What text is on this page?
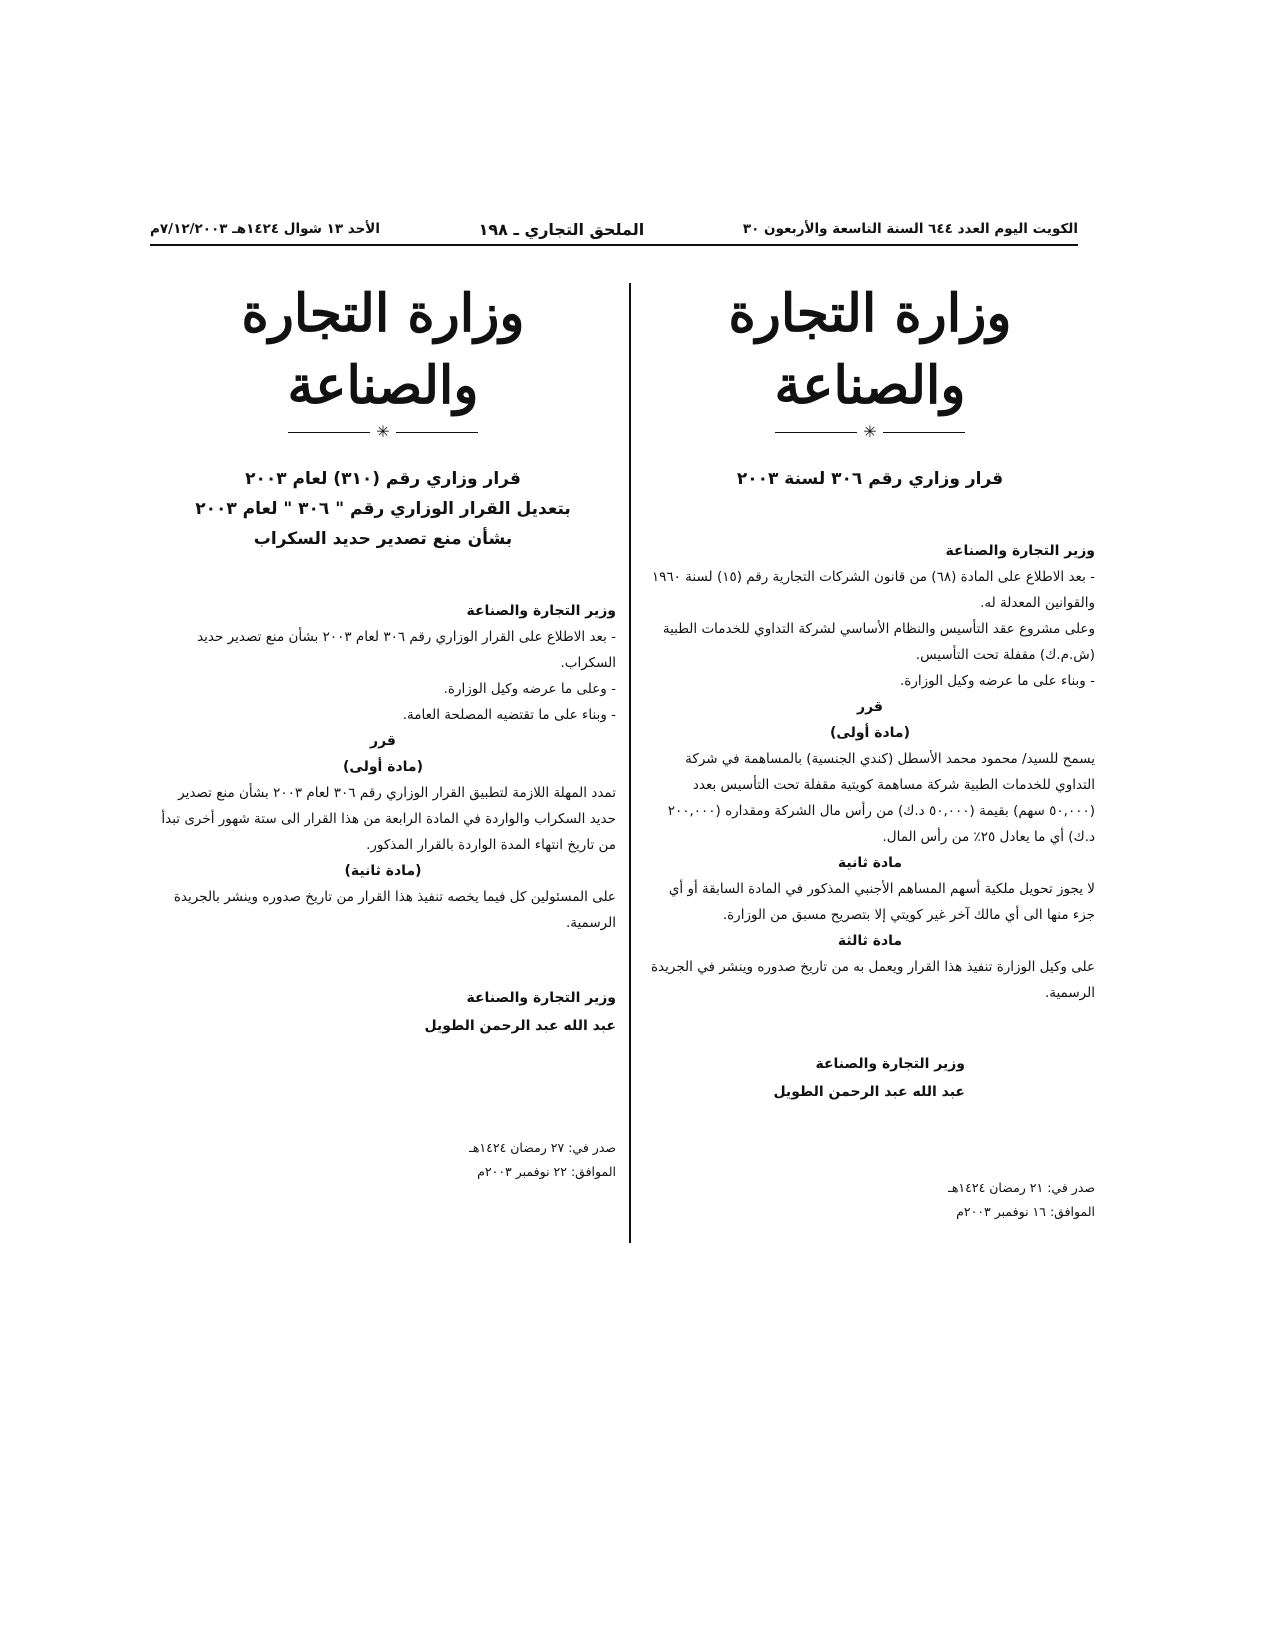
الكويت اليوم العدد ٦٤٤ السنة التاسعة والأربعون ٣٠
الملحق التجاري ـ ١٩٨
الأحد ١٣ شوال ١٤٢٤هـ ٧/١٢/٢٠٠٣م
وزارة التجارة والصناعة
✳
قرار وزاري رقم ٣٠٦ لسنة ٢٠٠٣
وزير التجارة والصناعة

- بعد الاطلاع على المادة (٦٨) من قانون الشركات التجارية رقم (١٥) لسنة ١٩٦٠ والقوانين المعدلة له.

وعلى مشروع عقد التأسيس والنظام الأساسي لشركة التداوي للخدمات الطبية (ش.م.ك) مقفلة تحت التأسيس.

- وبناء على ما عرضه وكيل الوزارة.

قرر
(مادة أولى)

يسمح للسيد/ محمود محمد الأسطل (كندي الجنسية) بالمساهمة في شركة التداوي للخدمات الطبية شركة مساهمة كويتية مقفلة تحت التأسيس بعدد (٥٠,٠٠٠ سهم) بقيمة (٥٠,٠٠٠ د.ك) من رأس مال الشركة ومقداره (٢٠٠,٠٠٠ د.ك) أي ما يعادل ٢٥٪ من رأس المال.

مادة ثانية

لا يجوز تحويل ملكية أسهم المساهم الأجنبي المذكور في المادة السابقة أو أي جزء منها الى أي مالك آخر غير كويتي إلا بتصريح مسبق من الوزارة.

مادة ثالثة

على وكيل الوزارة تنفيذ هذا القرار ويعمل به من تاريخ صدوره وينشر في الجريدة الرسمية.

وزير التجارة والصناعة
عبد الله عبد الرحمن الطويل
صدر في: ٢١ رمضان ١٤٢٤هـ
الموافق: ١٦ نوفمبر ٢٠٠٣م
وزارة التجارة والصناعة
✳
قرار وزاري رقم (٣١٠) لعام ٢٠٠٣
بتعديل القرار الوزاري رقم " ٣٠٦ " لعام ٢٠٠٣
بشأن منع تصدير حديد السكراب
وزير التجارة والصناعة

- بعد الاطلاع على القرار الوزاري رقم ٣٠٦ لعام ٢٠٠٣ بشأن منع تصدير حديد السكراب.

- وعلى ما عرضه وكيل الوزارة.

- وبناء على ما تقتضيه المصلحة العامة.

قرر
(مادة أولى)

تمدد المهلة اللازمة لتطبيق القرار الوزاري رقم ٣٠٦ لعام ٢٠٠٣ بشأن منع تصدير حديد السكراب والواردة في المادة الرابعة من هذا القرار الى ستة شهور أخرى تبدأ من تاريخ انتهاء المدة الواردة بالقرار المذكور.

(مادة ثانية)

على المسئولين كل فيما يخصه تنفيذ هذا القرار من تاريخ صدوره وينشر بالجريدة الرسمية.

وزير التجارة والصناعة
عبد الله عبد الرحمن الطويل
صدر في: ٢٧ رمضان ١٤٢٤هـ
الموافق: ٢٢ نوفمبر ٢٠٠٣م
